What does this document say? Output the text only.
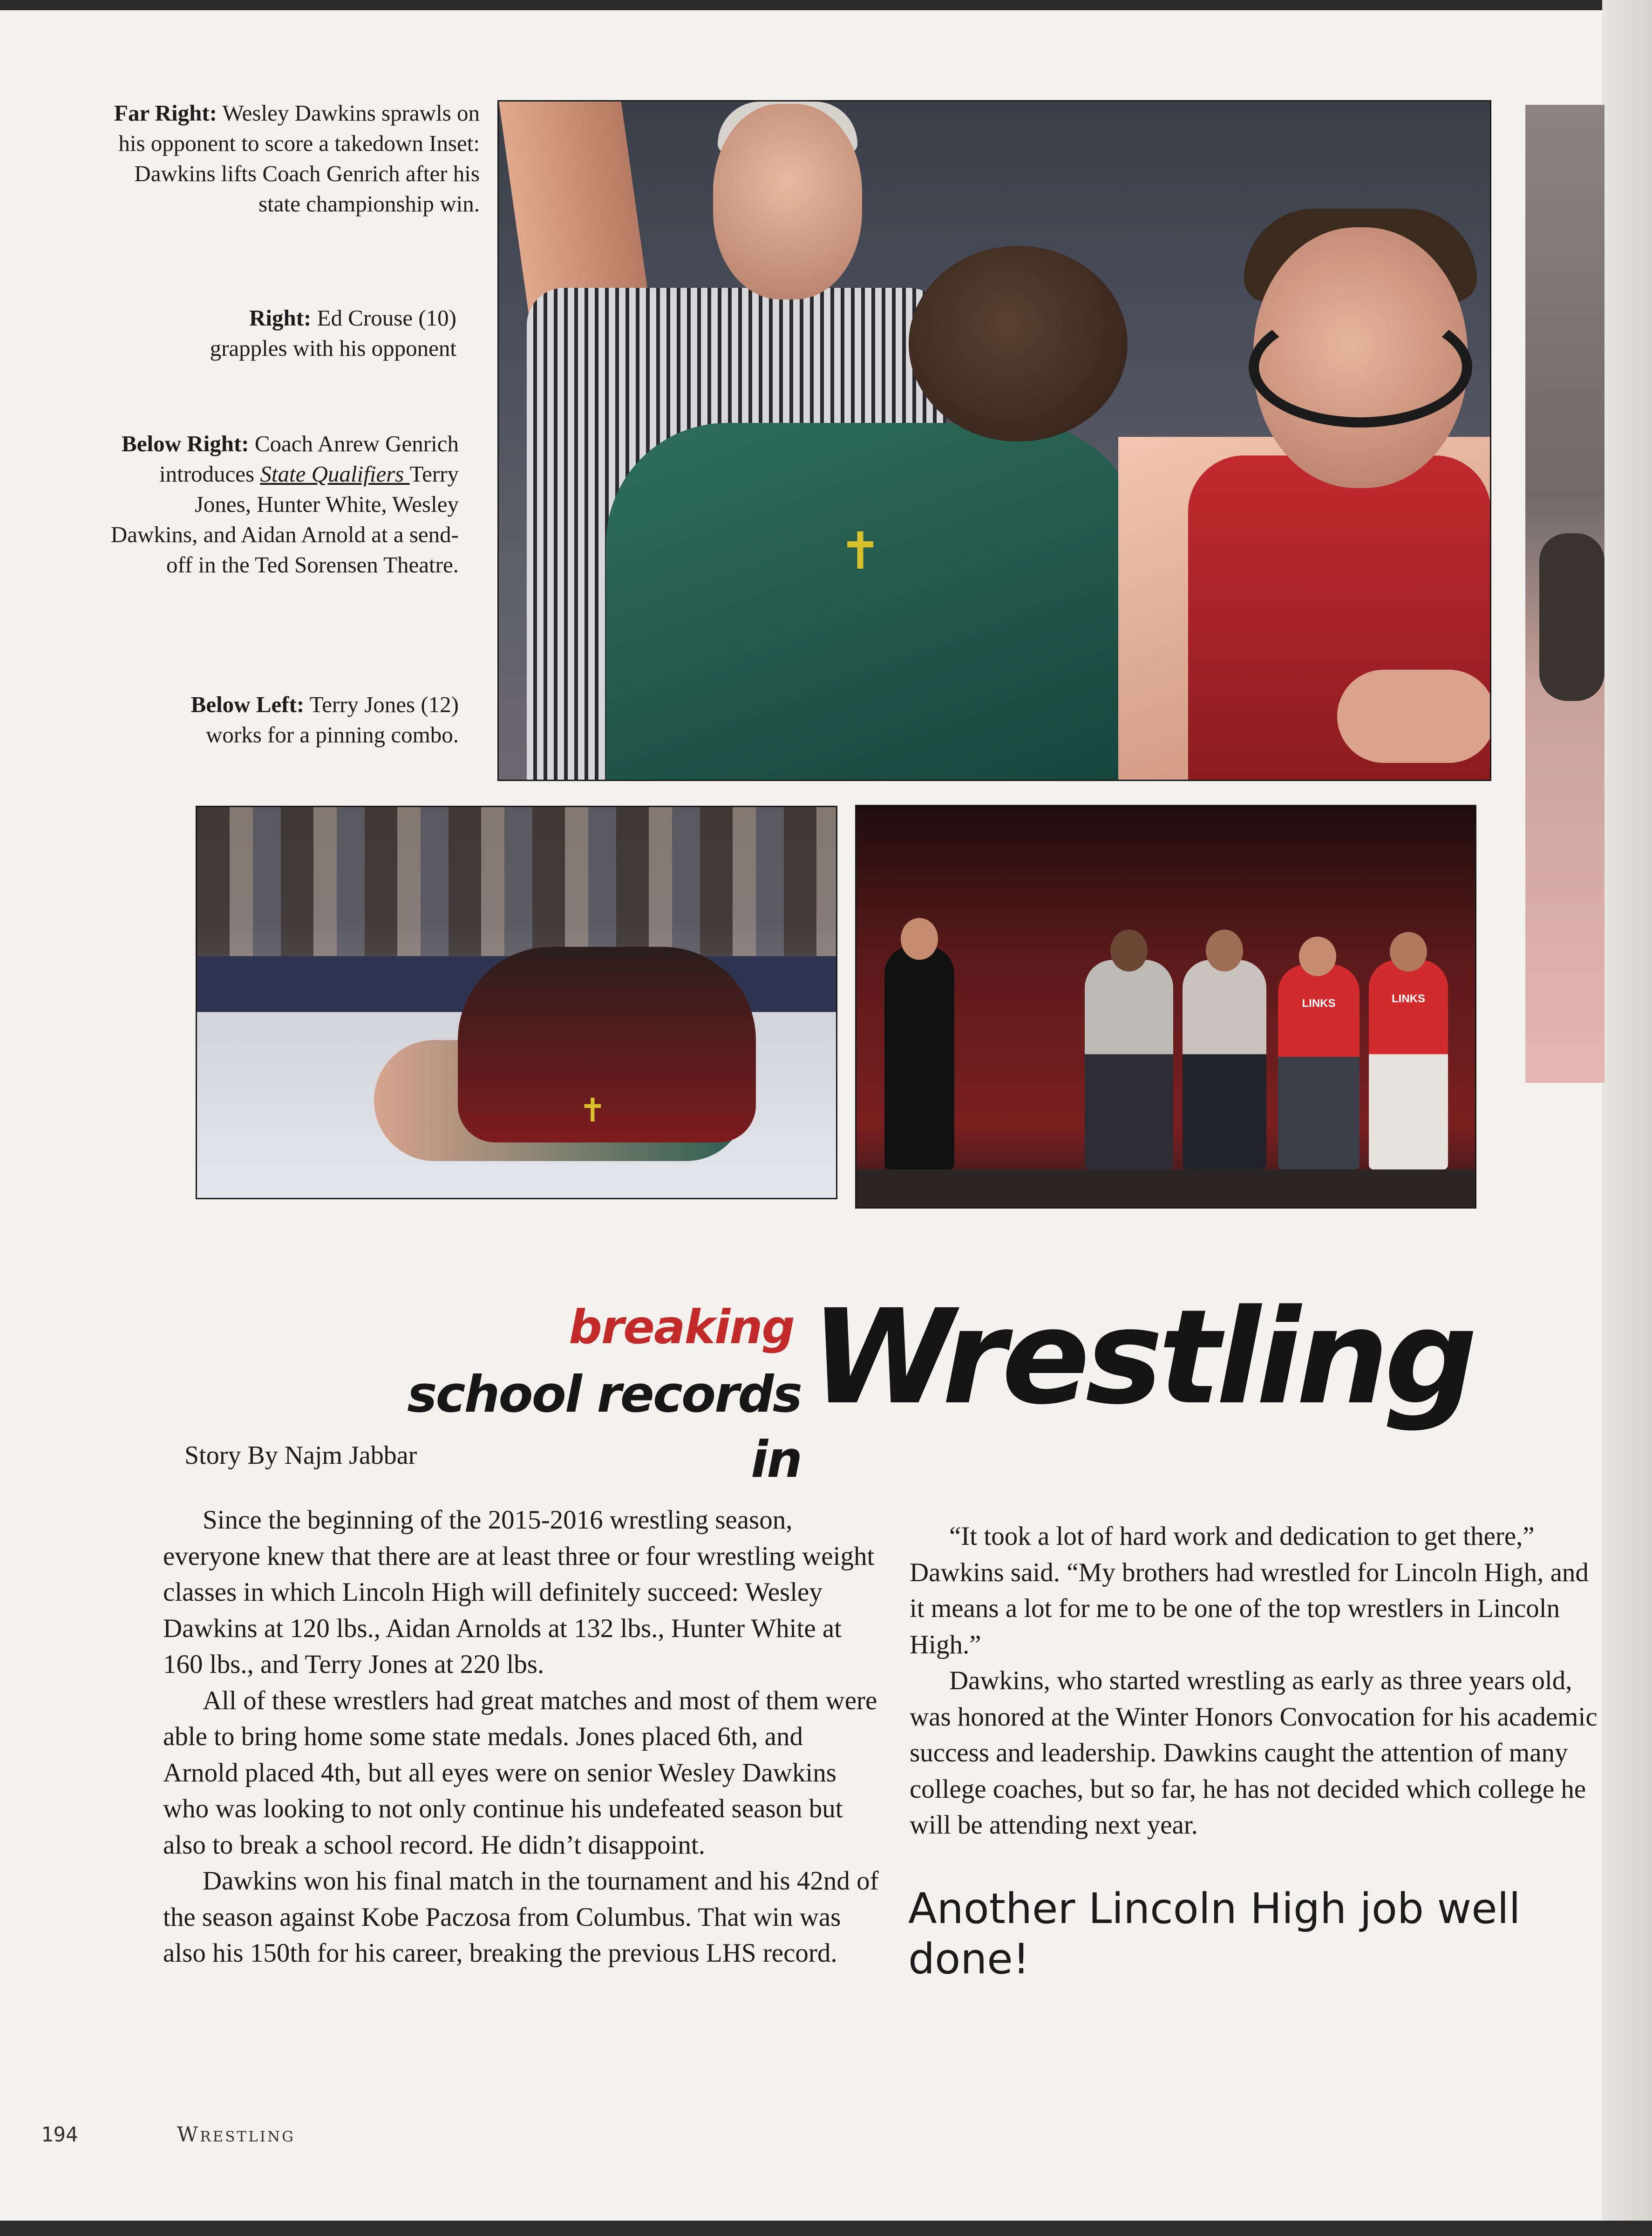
Far Right: Wesley Dawkins sprawls on his opponent to score a takedown Inset: Dawkins lifts Coach Genrich after his state championship win.
Right: Ed Crouse (10) grapples with his opponent
Below Right: Coach Anrew Genrich introduces State Qualifiers Terry Jones, Hunter White, Wesley Dawkins, and Aidan Arnold at a send-off in the Ted Sorensen Theatre.
Below Left: Terry Jones (12) works for a pinning combo.
✝
✝
LINKS	LINKS
breaking
school records in
Wrestling
Story By Najm Jabbar

Since the beginning of the 2015-2016 wrestling season, everyone knew that there are at least three or four wrestling weight classes in which Lincoln High will definitely succeed: Wesley Dawkins at 120 lbs., Aidan Arnolds at 132 lbs., Hunter White at 160 lbs., and Terry Jones at 220 lbs.

All of these wrestlers had great matches and most of them were able to bring home some state medals. Jones placed 6th, and Arnold placed 4th, but all eyes were on senior Wesley Dawkins who was looking to not only continue his undefeated season but also to break a school record. He didn’t disappoint.

Dawkins won his final match in the tournament and his 42nd of the season against Kobe Paczosa from Columbus. That win was also his 150th for his career, breaking the previous LHS record.

“It took a lot of hard work and dedication to get there,” Dawkins said. “My brothers had wrestled for Lincoln High, and it means a lot for me to be one of the top wrestlers in Lincoln High.”

Dawkins, who started wrestling as early as three years old, was honored at the Winter Honors Convocation for his academic success and leadership. Dawkins caught the attention of many college coaches, but so far, he has not decided which college he will be attending next year.

Another Lincoln High job well done!
194	Wrestling
